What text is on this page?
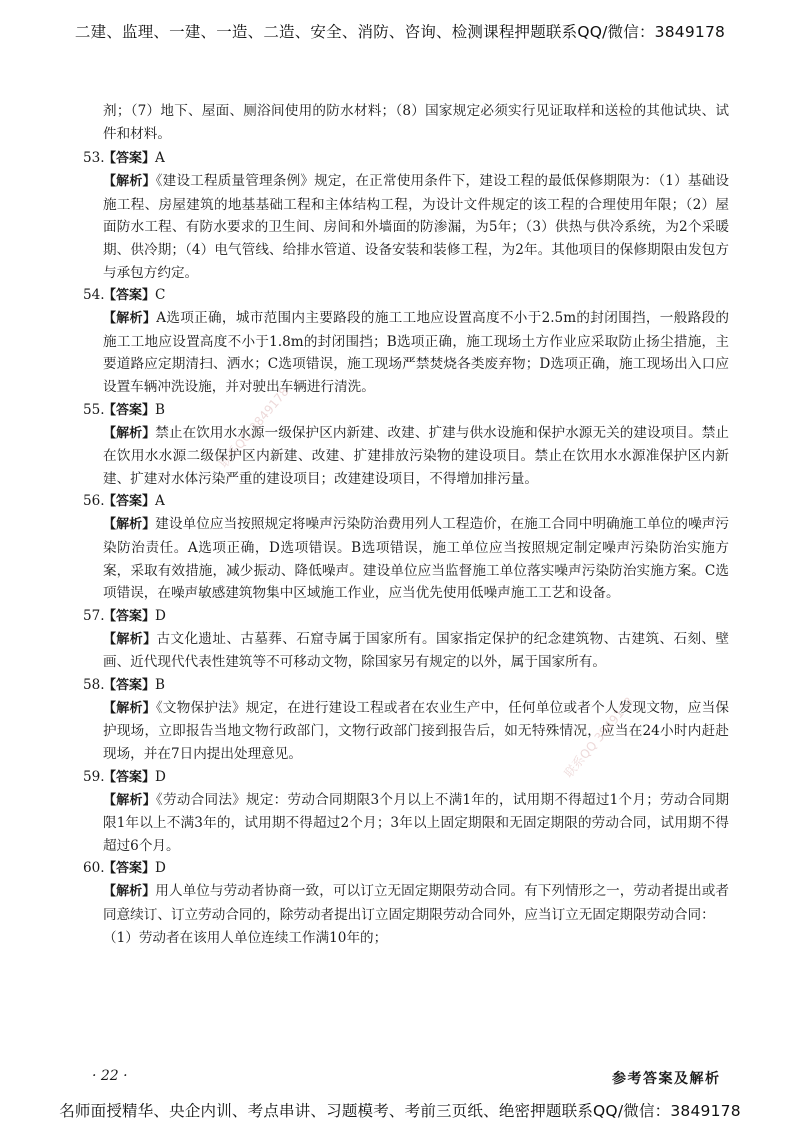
二建、监理、一建、一造、二造、安全、消防、咨询、检测课程押题联系QQ/微信：3849178

剂；（7）地下、屋面、厕浴间使用的防水材料；（8）国家规定必须实行见证取样和送检的其他试块、试件和材料。

53.
【答案】 A

【解析】《建设工程质量管理条例》规定，在正常使用条件下，建设工程的最低保修期限为：（1）基础设施工程、房屋建筑的地基基础工程和主体结构工程，为设计文件规定的该工程的合理使用年限；（2）屋面防水工程、有防水要求的卫生间、房间和外墙面的防渗漏，为5年；（3）供热与供冷系统，为2个采暖期、供冷期；（4）电气管线、给排水管道、设备安装和装修工程，为2年。其他项目的保修期限由发包方与承包方约定。

54.
【答案】 C

【解析】A选项正确，城市范围内主要路段的施工工地应设置高度不小于2.5m的封闭围挡，一般路段的施工工地应设置高度不小于1.8m的封闭围挡；B选项正确，施工现场土方作业应采取防止扬尘措施，主要道路应定期清扫、洒水；C选项错误，施工现场严禁焚烧各类废弃物；D选项正确，施工现场出入口应设置车辆冲洗设施，并对驶出车辆进行清洗。

55.
【答案】 B

【解析】禁止在饮用水水源一级保护区内新建、改建、扩建与供水设施和保护水源无关的建设项目。禁止在饮用水水源二级保护区内新建、改建、扩建排放污染物的建设项目。禁止在饮用水水源准保护区内新建、扩建对水体污染严重的建设项目；改建建设项目，不得增加排污量。

56.
【答案】 A

【解析】建设单位应当按照规定将噪声污染防治费用列人工程造价，在施工合同中明确施工单位的噪声污染防治责任。A选项正确，D选项错误。B选项错误，施工单位应当按照规定制定噪声污染防治实施方案，采取有效措施，减少振动、降低噪声。建设单位应当监督施工单位落实噪声污染防治实施方案。C选项错误，在噪声敏感建筑物集中区域施工作业，应当优先使用低噪声施工工艺和设备。

57.
【答案】 D

【解析】古文化遗址、古墓葬、石窟寺属于国家所有。国家指定保护的纪念建筑物、古建筑、石刻、壁画、近代现代代表性建筑等不可移动文物，除国家另有规定的以外，属于国家所有。

58.
【答案】 B

【解析】《文物保护法》规定，在进行建设工程或者在农业生产中，任何单位或者个人发现文物，应当保护现场，立即报告当地文物行政部门，文物行政部门接到报告后，如无特殊情况，应当在24小时内赶赴现场，并在7日内提出处理意见。

59.
【答案】 D

【解析】《劳动合同法》规定：劳动合同期限3个月以上不满1年的，试用期不得超过1个月；劳动合同期限1年以上不满3年的，试用期不得超过2个月；3年以上固定期限和无固定期限的劳动合同，试用期不得超过6个月。

60.
【答案】 D

【解析】用人单位与劳动者协商一致，可以订立无固定期限劳动合同。有下列情形之一，劳动者提出或者同意续订、订立劳动合同的，除劳动者提出订立固定期限劳动合同外，应当订立无固定期限劳动合同：

（1）劳动者在该用人单位连续工作满10年的；

· 22 ·	参考答案及解析
名师面授精华、央企内训、考点串讲、习题模考、考前三页纸、绝密押题联系QQ/微信：3849178
联系QQ 3849178
联系QQ 3849178
